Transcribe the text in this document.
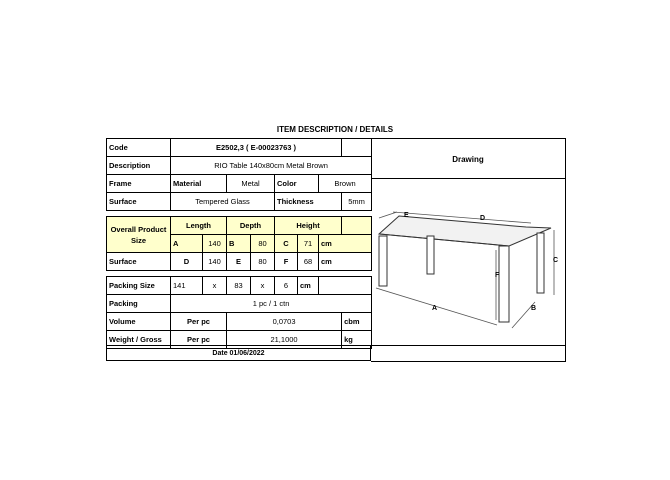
ITEM DESCRIPTION / DETAILS
Code	E2502,3 ( E-00023763 )							
Description	RIO Table 140x80cm Metal Brown							
Frame	Material		Metal		Color		Brown	
Surface	Tempered Glass				Thickness			5mm

Overall Product Size	Length		Depth		Height			
	A	140	B	80	C	71	cm	
Surface	D	140	E	80	F	68	cm	

Packing Size	141	x	83	x	6	cm		
Packing	1 pc / 1 ctn							
Volume	Per pc		0,0703					cbm
Weight / Gross	Per pc		21,1000					kg
Drawing
E	D
C
F
A	B
Date 01/06/2022
